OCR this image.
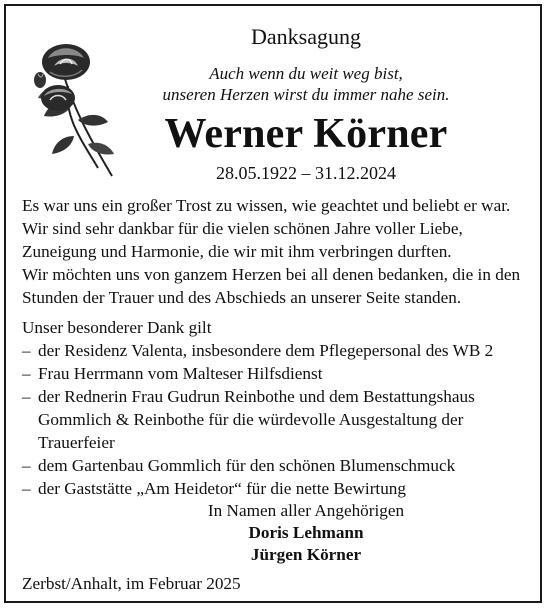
Danksagung
Auch wenn du weit weg bist,
unseren Herzen wirst du immer nahe sein.
Werner Körner
28.05.1922 – 31.12.2024

Es war uns ein großer Trost zu wissen, wie geachtet und beliebt er war. Wir sind sehr dankbar für die vielen schönen Jahre voller Liebe, Zuneigung und Harmonie, die wir mit ihm verbringen durften.

Wir möchten uns von ganzem Herzen bei all denen bedanken, die in den Stunden der Trauer und des Abschieds an unserer Seite standen.

Unser besonderer Dank gilt
– der Residenz Valenta, insbesondere dem Pflegepersonal des WB 2
– Frau Herrmann vom Malteser Hilfsdienst
– der Rednerin Frau Gudrun Reinbothe und dem Bestattungshaus Gommlich & Reinbothe für die würdevolle Ausgestaltung der Trauerfeier
– dem Gartenbau Gommlich für den schönen Blumenschmuck
– der Gaststätte „Am Heidetor“ für die nette Bewirtung
In Namen aller Angehörigen
Doris Lehmann
Jürgen Körner
Zerbst/Anhalt, im Februar 2025
